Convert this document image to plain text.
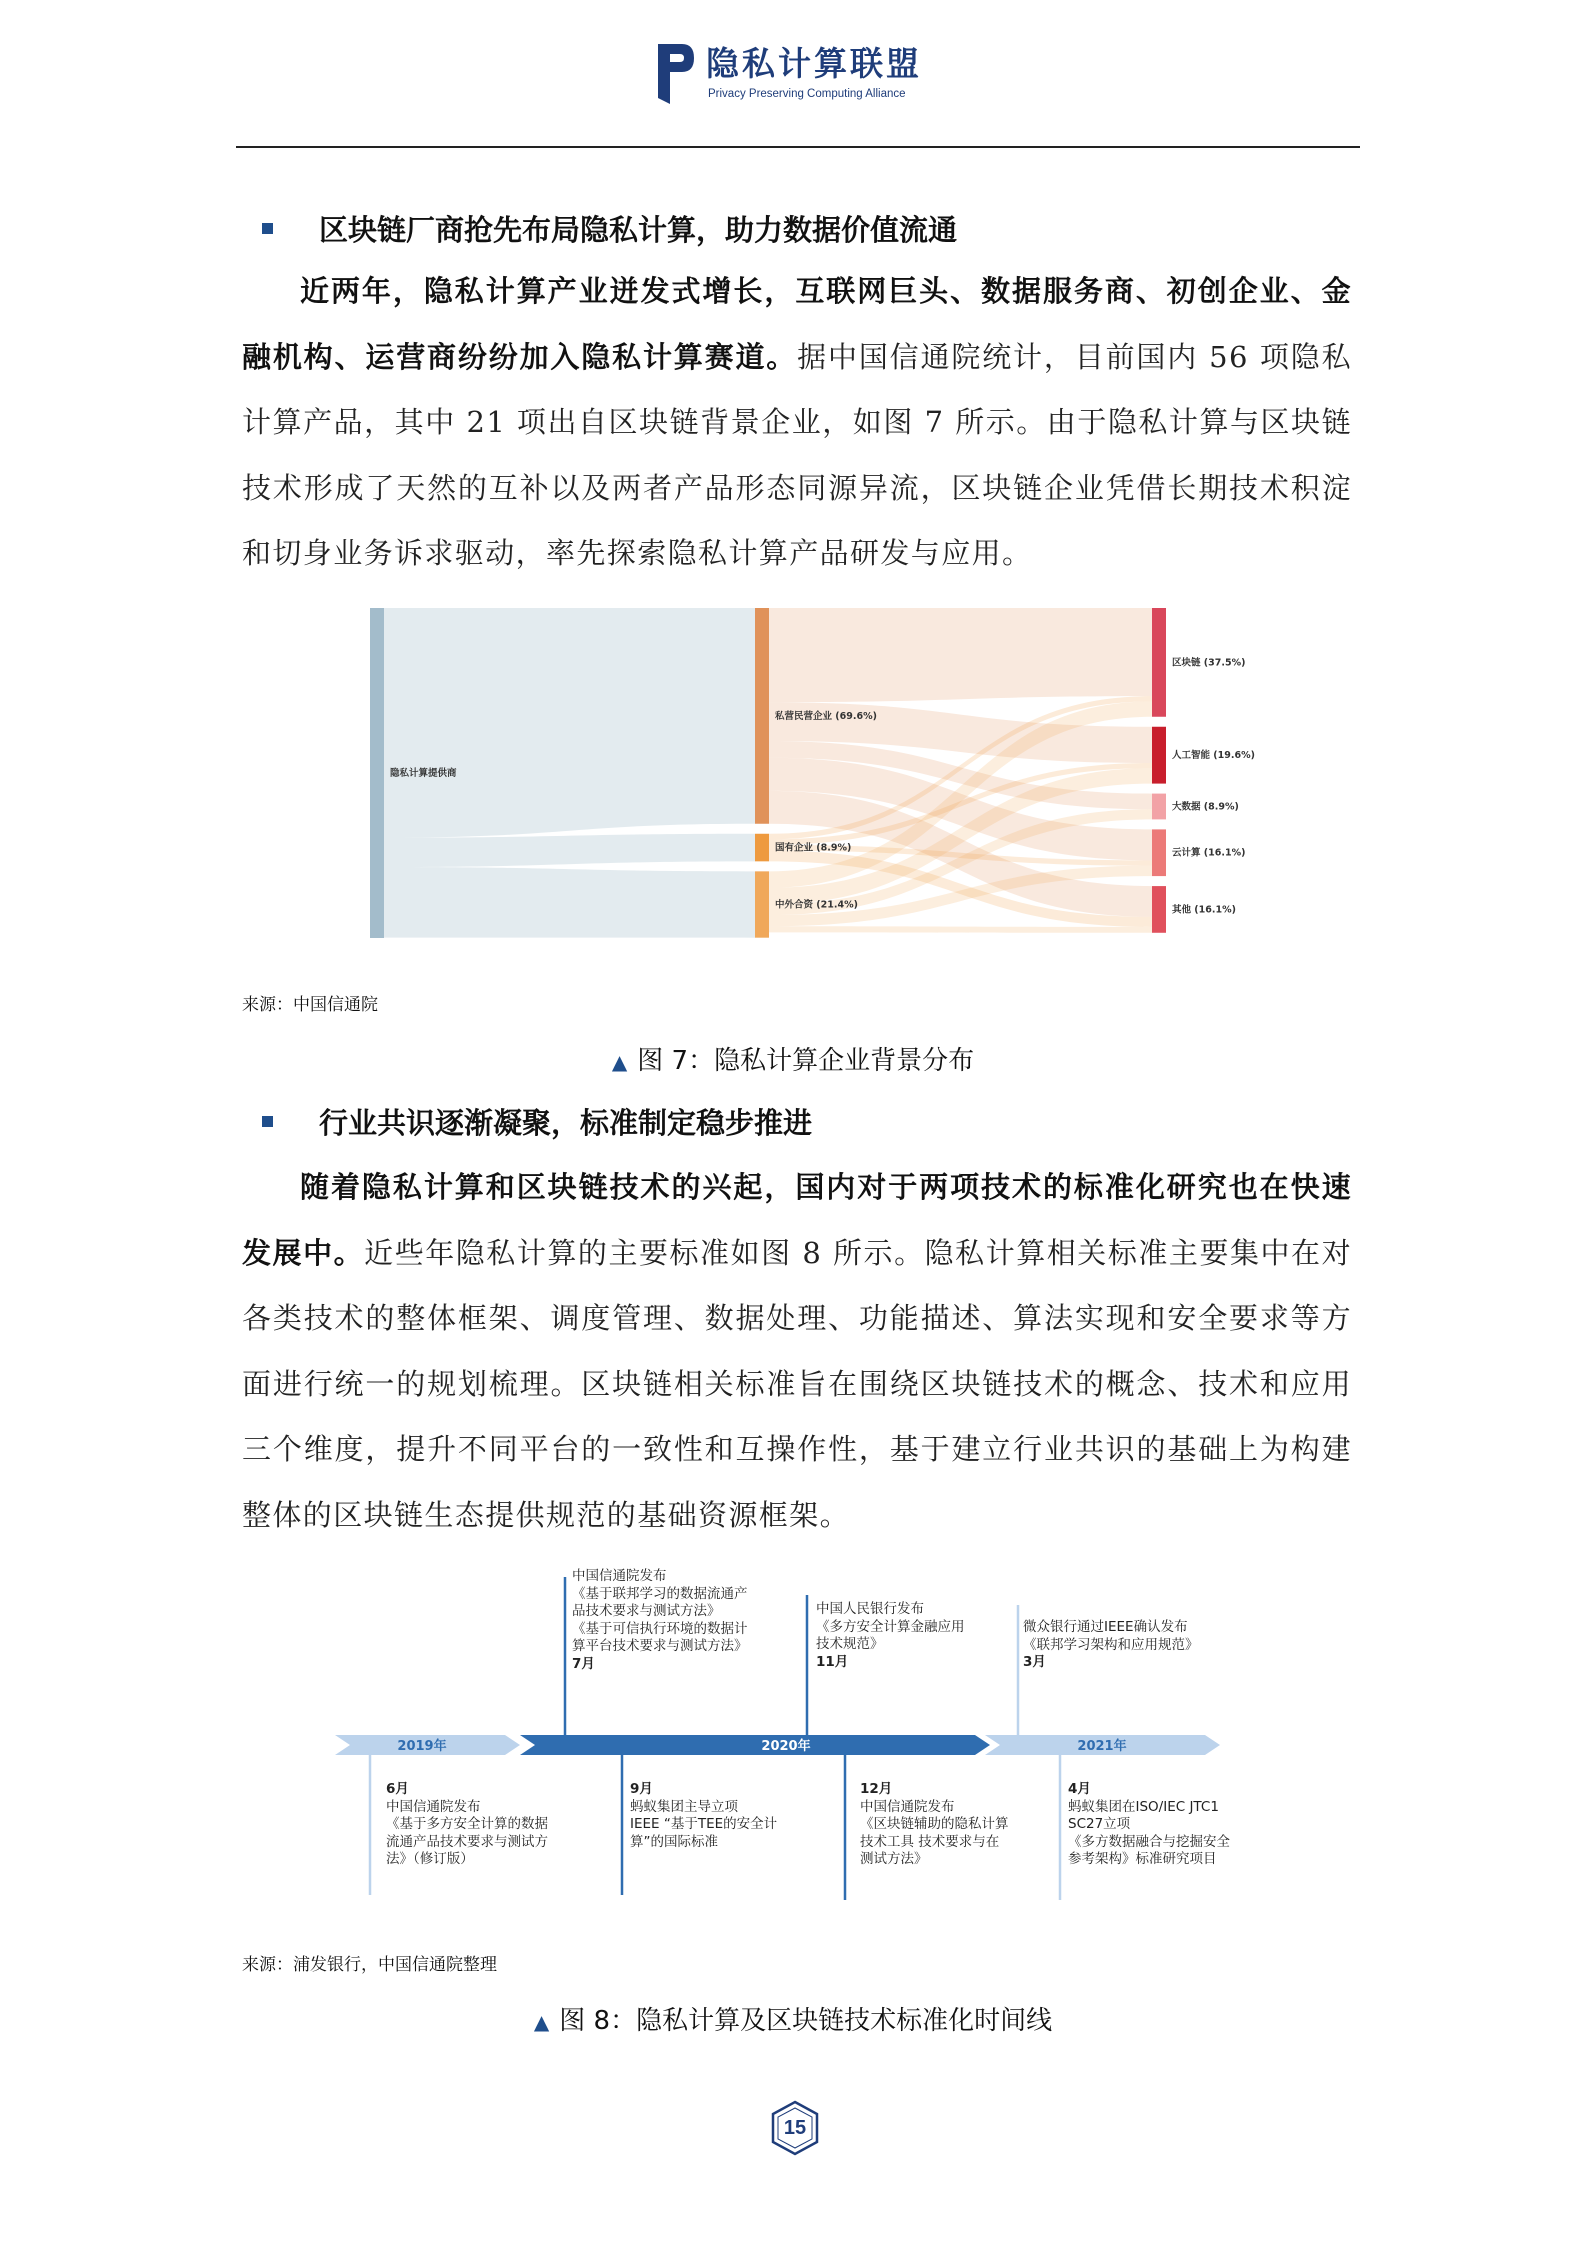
隐私计算联盟
Privacy Preserving Computing Alliance
区块链厂商抢先布局隐私计算，助力数据价值流通

近两年，隐私计算产业迸发式增长，互联网巨头、数据服务商、初创企业、金融机构、运营商纷纷加入隐私计算赛道。据中国信通院统计，目前国内 56 项隐私计算产品，其中 21 项出自区块链背景企业，如图 7 所示。由于隐私计算与区块链技术形成了天然的互补以及两者产品形态同源异流，区块链企业凭借长期技术积淀和切身业务诉求驱动，率先探索隐私计算产品研发与应用。

隐私计算提供商
私营民营企业 (69.6%)
国有企业 (8.9%)
中外合资 (21.4%)
区块链 (37.5%)
人工智能 (19.6%)
大数据 (8.9%)
云计算 (16.1%)
其他 (16.1%)
来源：中国信通院
▲ 图 7：隐私计算企业背景分布
行业共识逐渐凝聚，标准制定稳步推进

随着隐私计算和区块链技术的兴起，国内对于两项技术的标准化研究也在快速发展中。近些年隐私计算的主要标准如图 8 所示。隐私计算相关标准主要集中在对各类技术的整体框架、调度管理、数据处理、功能描述、算法实现和安全要求等方面进行统一的规划梳理。区块链相关标准旨在围绕区块链技术的概念、技术和应用三个维度，提升不同平台的一致性和互操作性，基于建立行业共识的基础上为构建整体的区块链生态提供规范的基础资源框架。

2019年	2020年	2021年
中国信通院发布
《基于联邦学习的数据流通产
品技术要求与测试方法》
《基于可信执行环境的数据计
算平台技术要求与测试方法》
7月
中国人民银行发布
《多方安全计算金融应用
技术规范》
11月
微众银行通过IEEE确认发布
《联邦学习架构和应用规范》
3月
6月
中国信通院发布
《基于多方安全计算的数据
流通产品技术要求与测试方
法》（修订版）
9月
蚂蚁集团主导立项
IEEE “基于TEE的安全计
算”的国际标准
12月
中国信通院发布
《区块链辅助的隐私计算
技术工具 技术要求与在
测试方法》
4月
蚂蚁集团在ISO/IEC JTC1
SC27立项
《多方数据融合与挖掘安全
参考架构》标准研究项目
来源：浦发银行，中国信通院整理
▲ 图 8：隐私计算及区块链技术标准化时间线
15
